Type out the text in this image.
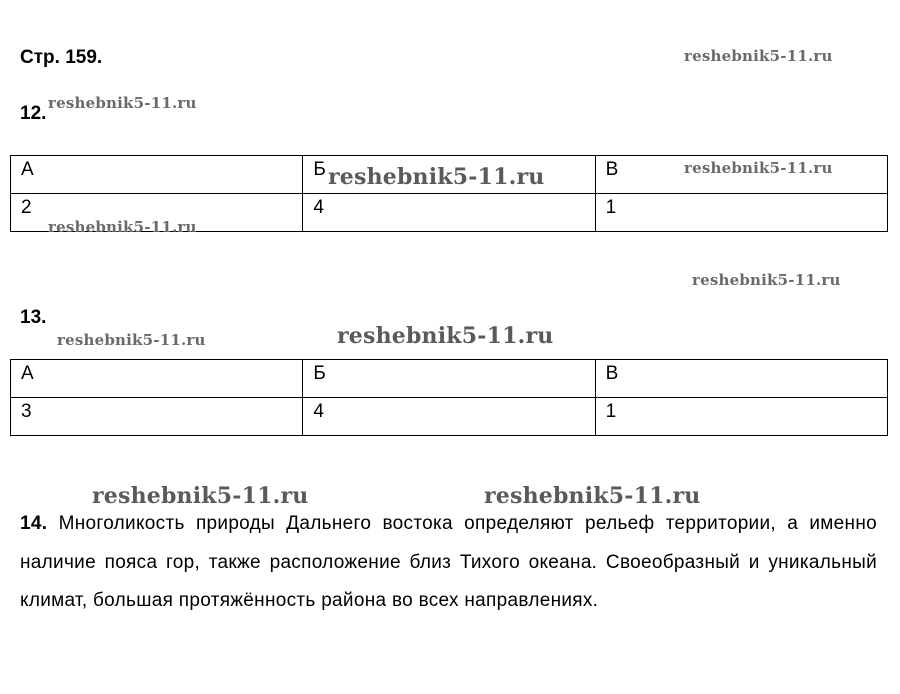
Стр. 159.
12.
А	Б	В
2	4	1
13.
А	Б	В
3	4	1

14. Многоликость природы Дальнего востока определяют рельеф территории, а именно наличие пояса гор, также расположение близ Тихого океана. Своеобразный и уникальный климат, большая протяжённость района во всех направлениях.

reshebnik5-11.ru
reshebnik5-11.ru
reshebnik5-11.ru	reshebnik5-11.ru
reshebnik5-11.ru
reshebnik5-11.ru
reshebnik5-11.ru
reshebnik5-11.ru
reshebnik5-11.ru	reshebnik5-11.ru
